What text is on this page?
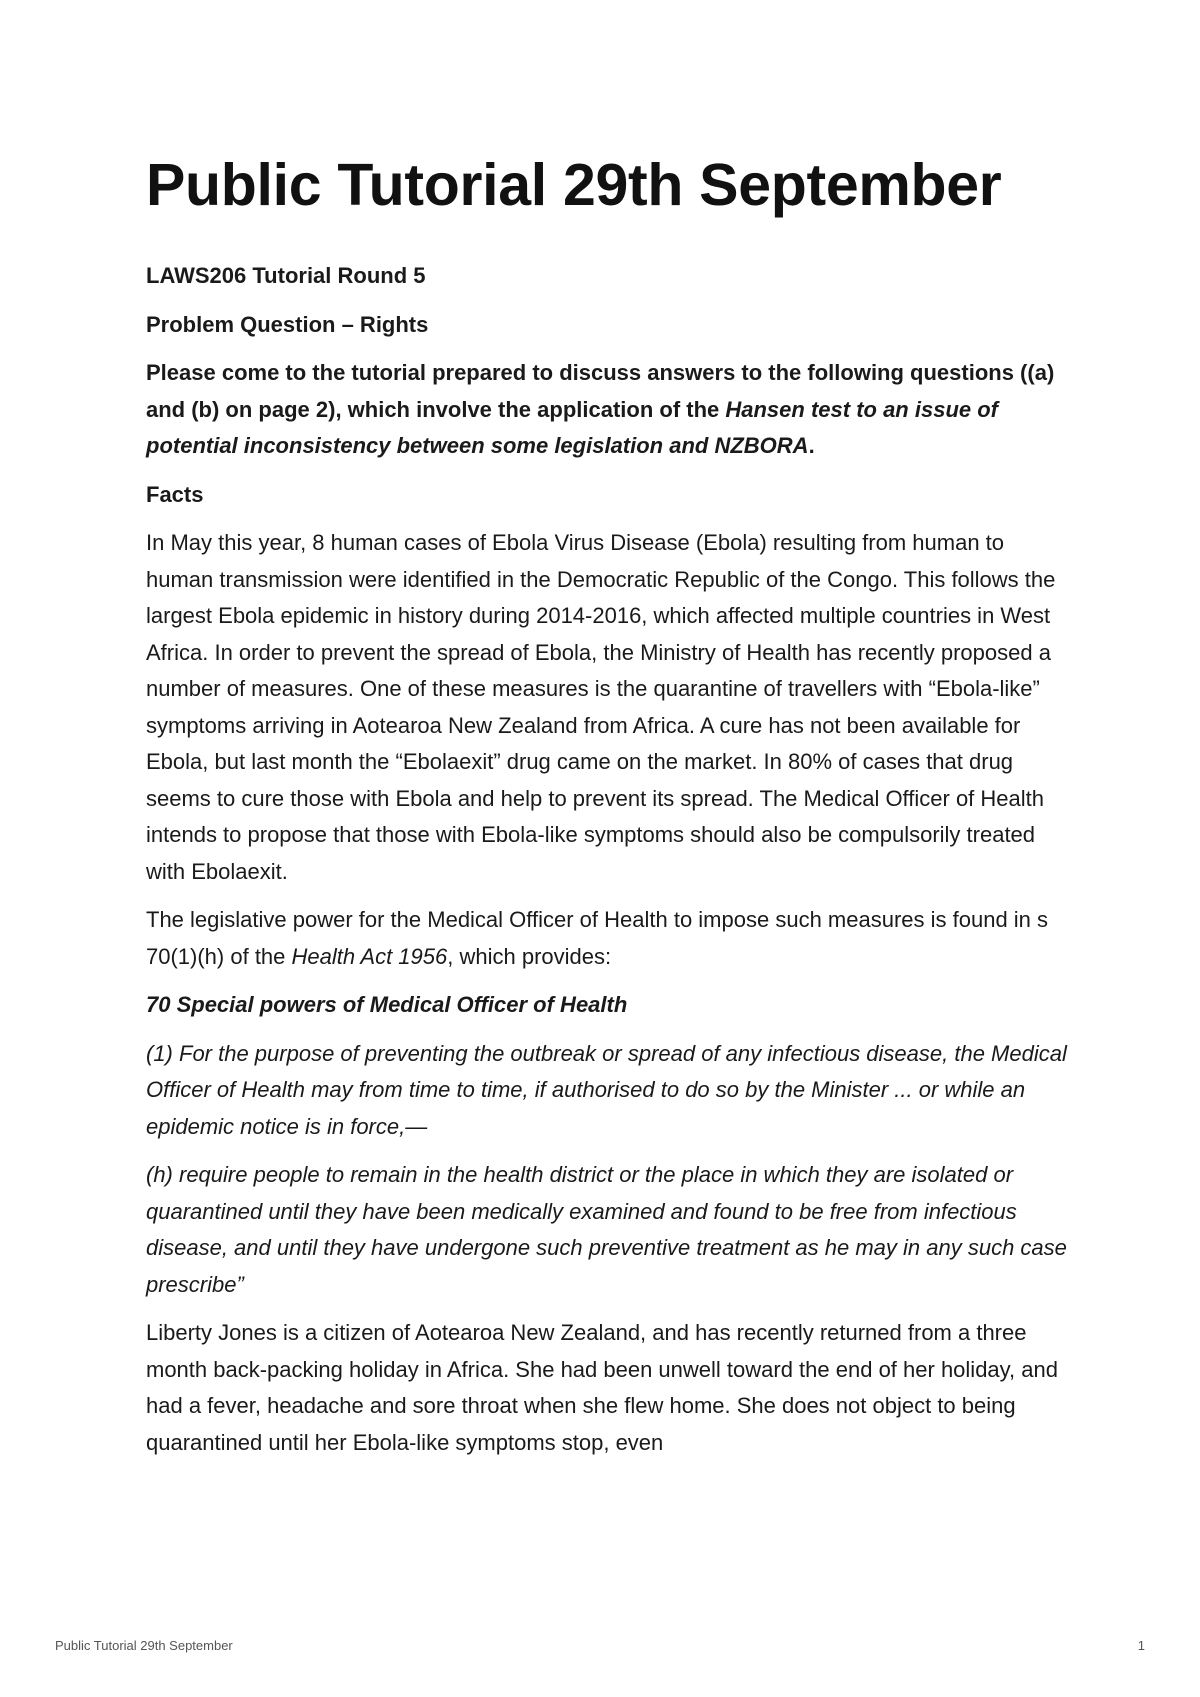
Public Tutorial 29th September

LAWS206 Tutorial Round 5

Problem Question – Rights

Please come to the tutorial prepared to discuss answers to the following questions ((a) and (b) on page 2), which involve the application of the Hansen test to an issue of potential inconsistency between some legislation and NZBORA.

Facts

In May this year, 8 human cases of Ebola Virus Disease (Ebola) resulting from human to human transmission were identified in the Democratic Republic of the Congo. This follows the largest Ebola epidemic in history during 2014-2016, which affected multiple countries in West Africa. In order to prevent the spread of Ebola, the Ministry of Health has recently proposed a number of measures. One of these measures is the quarantine of travellers with “Ebola-like” symptoms arriving in Aotearoa New Zealand from Africa. A cure has not been available for Ebola, but last month the “Ebolaexit” drug came on the market. In 80% of cases that drug seems to cure those with Ebola and help to prevent its spread. The Medical Officer of Health intends to propose that those with Ebola-like symptoms should also be compulsorily treated with Ebolaexit.

The legislative power for the Medical Officer of Health to impose such measures is found in s 70(1)(h) of the Health Act 1956, which provides:

70 Special powers of Medical Officer of Health

(1) For the purpose of preventing the outbreak or spread of any infectious disease, the Medical Officer of Health may from time to time, if authorised to do so by the Minister ... or while an epidemic notice is in force,—

(h) require people to remain in the health district or the place in which they are isolated or quarantined until they have been medically examined and found to be free from infectious disease, and until they have undergone such preventive treatment as he may in any such case prescribe”

Liberty Jones is a citizen of Aotearoa New Zealand, and has recently returned from a three month back-packing holiday in Africa. She had been unwell toward the end of her holiday, and had a fever, headache and sore throat when she flew home. She does not object to being quarantined until her Ebola-like symptoms stop, even

Public Tutorial 29th September	1
